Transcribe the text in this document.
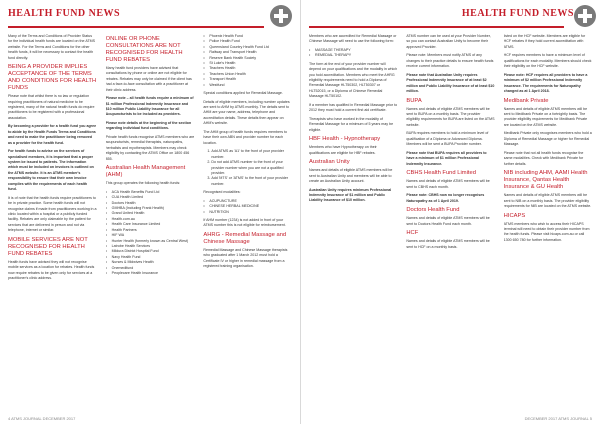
HEALTH FUND NEWS

Many of the Terms and Conditions of Provider Status for the individual health funds are located on the ATMS website. For the Terms and Conditions for the other health funds, it will be necessary to contact the health fund directly.

BEING A PROVIDER IMPLIES ACCEPTANCE OF THE TERMS AND CONDITIONS FOR HEALTH FUNDS

Please note that whilst there is no law or regulation requiring practitioners of natural medicine to be registered, many of the natural health funds do require practitioners to be registered with a professional association.

By becoming a provider for a health fund you agree to abide by the Health Funds Terms and Conditions and need to make the practitioner being removed as a provider for the health fund.

For health funds to advise on the services of specialised members, it is important that a proper system be issued to patients. The information which must be included on invoices is outlined on the ATMS website. It is an ATMS member's responsibility to ensure that their own invoice complies with the requirements of each health fund.

It is of note that the health funds require practitioners to be in private practice. Some health funds will not recognise claims if made from practitioners working in a clinic located within a hospital or a publicly funded facility. Rebates are only claimable by the patient for services that are delivered in person and not via telephone, internet or similar.

MOBILE SERVICES ARE NOT RECOGNISED FOR HEALTH FUND REBATES

Health funds have advised they will not recognise mobile services as a location for rebates. Health funds now require rebates to be given only for services at a practitioner's clinic address.

ONLINE OR PHONE CONSULTATIONS ARE NOT RECOGNISED FOR HEALTH FUND REBATES

Many health fund providers have advised that consultations by phone or online are not eligible for rebates. Rebates may only be claimed if the client has had a face-to-face consultation with a practitioner at their clinic address.

Please note – all health funds require a minimum of $1 million Professional Indemnity Insurance and $10 million Public Liability Insurance for all Acupuncturists to be included as providers.

Please note details at the beginning of the section regarding individual fund conditions.

Private health funds recognise ATMS members who are acupuncturists, remedial therapists, naturopaths, herbalists and myotherapists. Members may check eligibility by contacting the ATMS Office on 1800 456 855.

Australian Health Management (AHM)

This group operates the following health funds:

• ACA Health Benefits Fund Ltd
• CUA Health Limited
• Doctors Health
• GMHBA (Including Frank Health)
• Grand United Health
• Health.com.au
• Health Care Insurance Limited
• Health Partners
• HIF WA
• Hunter Health (formerly known as Central West)
• Latrobe Health Services
• Mildura District Hospital Fund
• Navy Health Fund
• Nurses & Midwives Health
• Onemedifund
• Peoplecare Health Insurance
• Phoenix Health Fund
• Police Health Fund
• Queensland Country Health Fund Ltd
• Railway and Transport Health
• Reserve Bank Health Society
• St Luke's Health
• Teachers Health
• Teachers Union Health
• Transport Health
• Westfund

Special conditions applied for Remedial Massage.

Details of eligible members, including number updates are sent to AHM by ATMS monthly. The details sent to AHM are your name, address, telephone and accreditation details. These details then appear on AHM's website.

The AHM group of health funds requires members to have their own ABN and provider number for each location.

1. Add ATMS as 'A1' to the front of your provider number.
2. Do not add ATMS number to the front of your provider number when you are not a qualified provider.
3. Add 'MTS' or 'ATMS' to the front of your provider number.

Recognised modalities:

• ACUPUNCTURE
• CHINESE HERBAL MEDICINE
• NUTRITION

If AHM number (1234) is not added in front of your ATMS number this is not eligible for reimbursement.

AHRG - Remedial Massage and Chinese Massage

Remedial Massage and Chinese Massage therapists who graduated after 1 March 2012 must hold a Certificate IV or higher in remedial massage from a registered training organisation.

4 ATMS JOURNAL DECEMBER 2017
HEALTH FUND NEWS

Members who are accredited for Remedial Massage or Chinese Massage will need to use the following form:

• MASSAGE THERAPY
• REMEDIAL THERAPY

The form at the end of your provider number will depend on your qualifications and the modality in which you hold accreditation. Members who meet the AHRG eligibility requirements need to hold a Diploma of Remedial Massage HLT50302, HLT50307 or HLT52015, or a Diploma of Chinese Remedial Massage HLT50102.

If a member has qualified in Remedial Massage prior to 2012 they must hold a current first aid certificate.

Therapists who have worked in the modality of Remedial Massage for a minimum of 5 years may be eligible.

HBF Health - Hypnotherapy

Members who have Hypnotherapy on their qualifications are eligible for HBF rebates.

Australian Unity

Names and details of eligible ATMS members will be sent to Australian Unity and members will be able to create an Australian Unity account.

Australian Unity requires minimum Professional Indemnity Insurance of $1 million and Public Liability Insurance of $10 million.

ATMS number can be used at your Provider Number, so you can contact Australian Unity to become their approved Provider.

Please note: Members must notify ATMS of any changes to their practice details to ensure health funds receive current information.

Please note that Australian Unity requires Professional Indemnity Insurance of at least $2 million and Public Liability Insurance of at least $10 million.

BUPA

Names and details of eligible ATMS members will be sent to BUPA on a monthly basis. The provider eligibility requirements for BUPA are listed on the ATMS website.

BUPA requires members to hold a minimum level of qualification of a Diploma or Advanced Diploma. Members will be sent a BUPA Provider number.

Please note that BUPA requires all providers to have a minimum of $1 million Professional Indemnity Insurance.

CBHS Health Fund Limited

Names and details of eligible ATMS members will be sent to CBHS each month.

Please note: CBHS now no longer recognises Naturopathy as of 1 April 2019.

Doctors Health Fund

Names and details of eligible ATMS members will be sent to Doctors Health Fund each month.

HCF

Names and details of eligible ATMS members will be sent to HCF on a monthly basis.

listed on the HCF website. Members are eligible for HCF rebates if they hold current accreditation with ATMS.

HCF requires members to have a minimum level of qualifications for each modality. Members should check their eligibility on the HCF website.

Please note: HCF requires all providers to have a minimum of $2 million Professional Indemnity Insurance. The requirements for Naturopathy changed as at 1 April 2018.

Medibank Private

Names and details of eligible ATMS members will be sent to Medibank Private on a fortnightly basis. The provider eligibility requirements for Medibank Private are located on the ATMS website.

Medibank Private only recognises members who hold a Diploma of Remedial Massage or higher for Remedial Massage.

Please note that not all health funds recognise the same modalities. Check with Medibank Private for further details.

NIB including AHM, AAMI Health Insurance, Qantas Health Insurance & GU Health

Names and details of eligible ATMS members will be sent to NIB on a monthly basis. The provider eligibility requirements for NIB are located on the ATMS website.

HICAPS

ATMS members who wish to access their HICAPS terminal will need to obtain their provider number from the health funds. Please visit hicaps.com.au or call 1300 650 780 for further information.

DECEMBER 2017 ATMS JOURNAL 5
